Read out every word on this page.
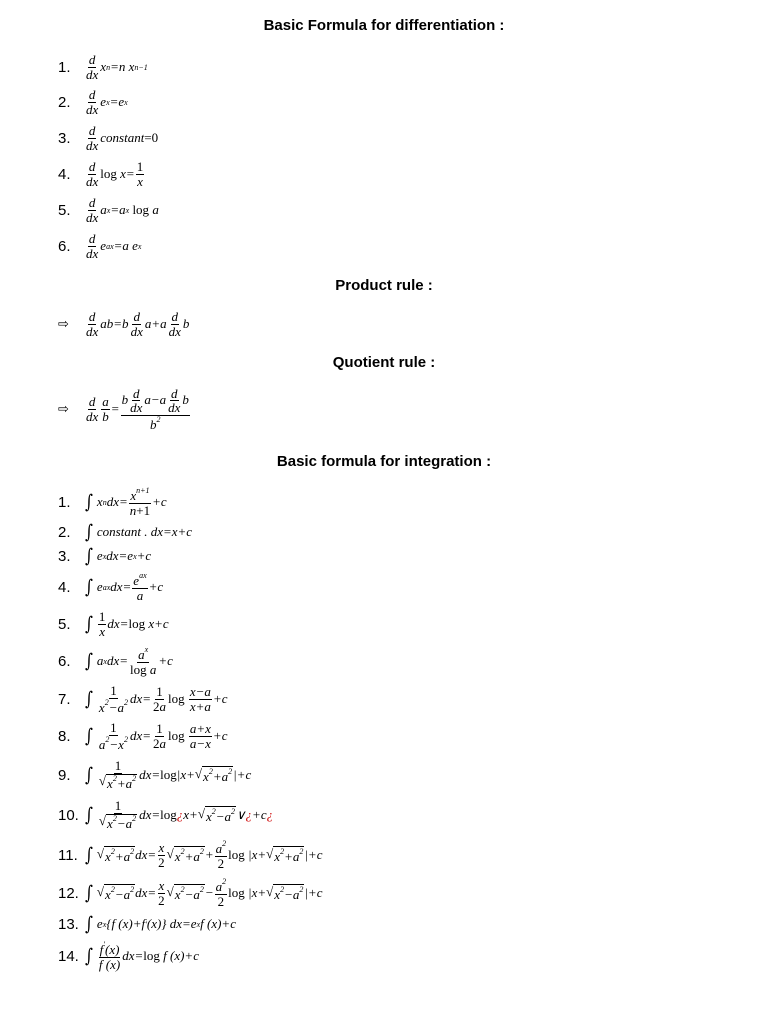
Basic Formula for differentiation :
1.	$\frac{d}{dx}$ x n =n x n−1
2.	$\frac{d}{dx}$ e x =e x
3.	$\frac{d}{dx}$ constant =0
4.	$\frac{d}{dx}$ $\log x= \frac{1}{x}$
5.	$\frac{d}{dx}$ a x =a x
log a
6.	$\frac{d}{dx}$ e ax =a e x
Product rule :
⇨	$\frac{d}{dx} ab=b \frac{d}{dx} a+a \frac{d}{dx}$ b
Quotient rule :
⇨	$\frac{d}{dx} \frac{a}{b} = \frac{b \frac{d}{dx} a-a \frac{d}{dx} b}{b^2}$
Basic formula for integration :
1. ∫ x n $dx= \frac{x^{n+1}}{n+1} +c$
2. ∫ constant . dx=x+c
3. ∫ e x dx=e x +c
4. ∫ e ax $dx= \frac{e^{ax}}{a} +c$
5. ∫ $\frac{1}{x} dx= \log x+c$
6. ∫ a x $dx= \frac{a^x}{\text{log a}} +c$
7. ∫ $\frac{1}{x^2-a^2} dx= \frac{1}{2a}$ log
$\frac{x-a}{x+a} +c$
8. ∫ $\frac{1}{a^2-x^2} dx= \frac{1}{2a}$ log
$\frac{a+x}{a-x} +c$
9. ∫ $\frac{1}{√ x^2+a^2} dx= \log |x+$ √ $x^2+a^2$ |+c
10. ∫ $\frac{1}{√ x^2-a^2} dx= \log$ ¿ x+ √ $x^2-a^2$ ∨ ¿ +c ¿
11. ∫ √ $x^2+a^2$ $dx= \frac{x}{2}$ √ $x^2+a^2 + \frac{a^2}{2}$ log |x+ √ $x^2+a^2$ |+c
12. ∫ √ $x^2-a^2$ $dx= \frac{x}{2}$ √ $x^2-a^2 - \frac{a^2}{2}$ log |x+ √ $x^2-a^2$ |+c
13. ∫ e x {f (x)+f ′ (x)} dx=e x f (x)+c
14. ∫ $\frac{f'(x)}{f (x)} dx= \log f$ (x)+c
